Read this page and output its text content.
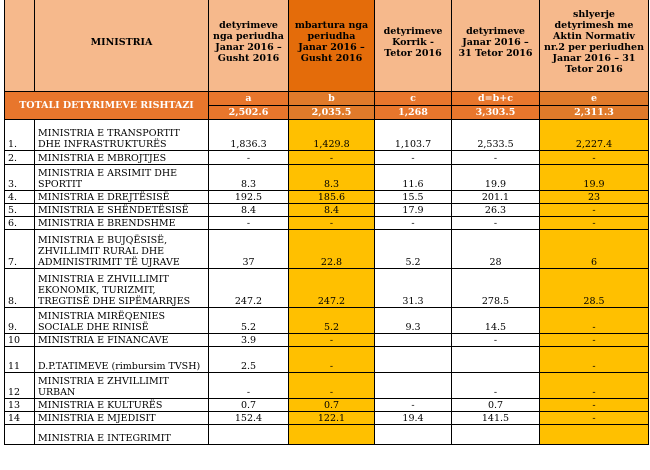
	MINISTRIA	detyrimeve nga periudha Janar 2016 – Gusht 2016	mbartura nga periudha Janar 2016 – Gusht 2016	detyrimeve Korrik - Tetor 2016	detyrimeve Janar 2016 – 31 Tetor 2016	shlyerje detyrimesh me Aktin Normativ nr.2 per periudhen Janar 2016 – 31 Tetor 2016
TOTALI DETYRIMEVE RISHTAZI		a	b	c	d=b+c	e
		2,502.6	2,035.5	1,268	3,303.5	2,311.3
1.	MINISTRIA E TRANSPORTIT DHE INFRASTRUKTURËS	1,836.3	1,429.8	1,103.7	2,533.5	2,227.4
2.	MINISTRIA E MBROJTJES	-	-	-	-	-
3.	MINISTRIA E ARSIMIT DHE SPORTIT	8.3	8.3	11.6	19.9	19.9
4.	MINISTRIA E DREJTËSISË	192.5	185.6	15.5	201.1	23
5.	MINISTRIA E SHËNDETËSISË	8.4	8.4	17.9	26.3	-
6.	MINISTRIA E BRENDSHME	-	-	-	-	-
7.	MINISTRIA E BUJQËSISË, ZHVILLIMIT RURAL DHE ADMINISTRIMIT TË UJRAVE	37	22.8	5.2	28	6
8.	MINISTRIA E ZHVILLIMIT EKONOMIK, TURIZMIT, TREGTISË DHE SIPËMARRJES	247.2	247.2	31.3	278.5	28.5
9.	MINISTRIA MIRËQENIES SOCIALE DHE RINISË	5.2	5.2	9.3	14.5	-
10	MINISTRIA E FINANCAVE	3.9	-		-	-
11	D.P.TATIMEVE (rimbursim TVSH)	2.5	-			-
12	MINISTRIA E ZHVILLIMIT URBAN	-	-		-	-
13	MINISTRIA E KULTURËS	0.7	0.7	-	0.7	-
14	MINISTRIA E MJEDISIT	152.4	122.1	19.4	141.5	-
	MINISTRIA E INTEGRIMIT					
